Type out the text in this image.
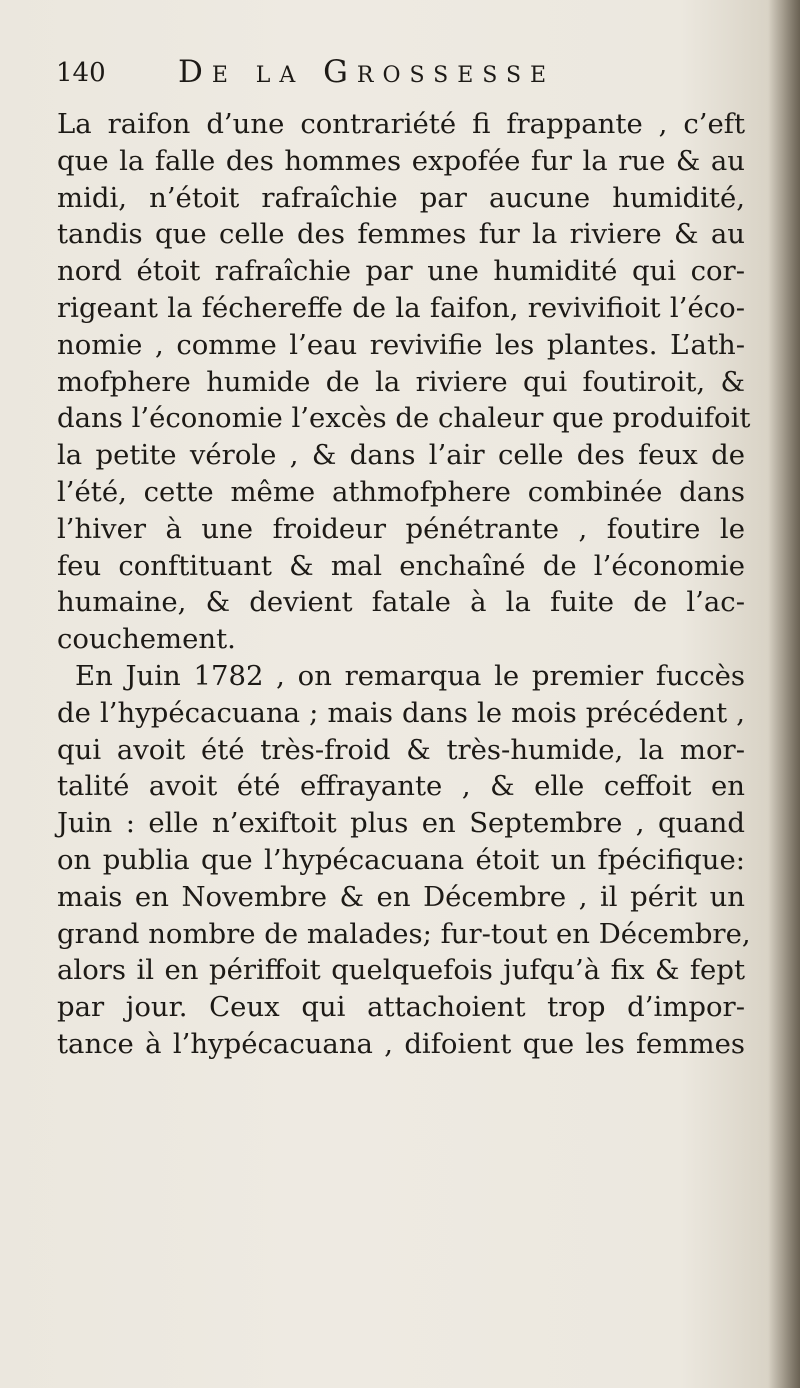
140 De la Grossesse
La raifon d’une contrariété fi frappante , c’eft
que la falle des hommes expofée fur la rue & au
midi, n’étoit rafraîchie par aucune humidité,
tandis que celle des femmes fur la riviere & au
nord étoit rafraîchie par une humidité qui cor-
rigeant la féchereffe de la faifon, revivifioit l’éco-
nomie , comme l’eau revivifie les plantes. L’ath-
mofphere humide de la riviere qui foutiroit, &
dans l’économie l’excès de chaleur que produifoit
la petite vérole , & dans l’air celle des feux de
l’été, cette même athmofphere combinée dans
l’hiver à une froideur pénétrante , foutire le
feu conftituant & mal enchaîné de l’économie
humaine, & devient fatale à la fuite de l’ac-
couchement.
En Juin 1782 , on remarqua le premier fuccès
de l’hypécacuana ; mais dans le mois précédent ,
qui avoit été très-froid & très-humide, la mor-
talité avoit été effrayante , & elle ceffoit en
Juin : elle n’exiftoit plus en Septembre , quand
on publia que l’hypécacuana étoit un fpécifique:
mais en Novembre & en Décembre , il périt un
grand nombre de malades; fur-tout en Décembre,
alors il en périffoit quelquefois jufqu’à fix & fept
par jour. Ceux qui attachoient trop d’impor-
tance à l’hypécacuana , difoient que les femmes
